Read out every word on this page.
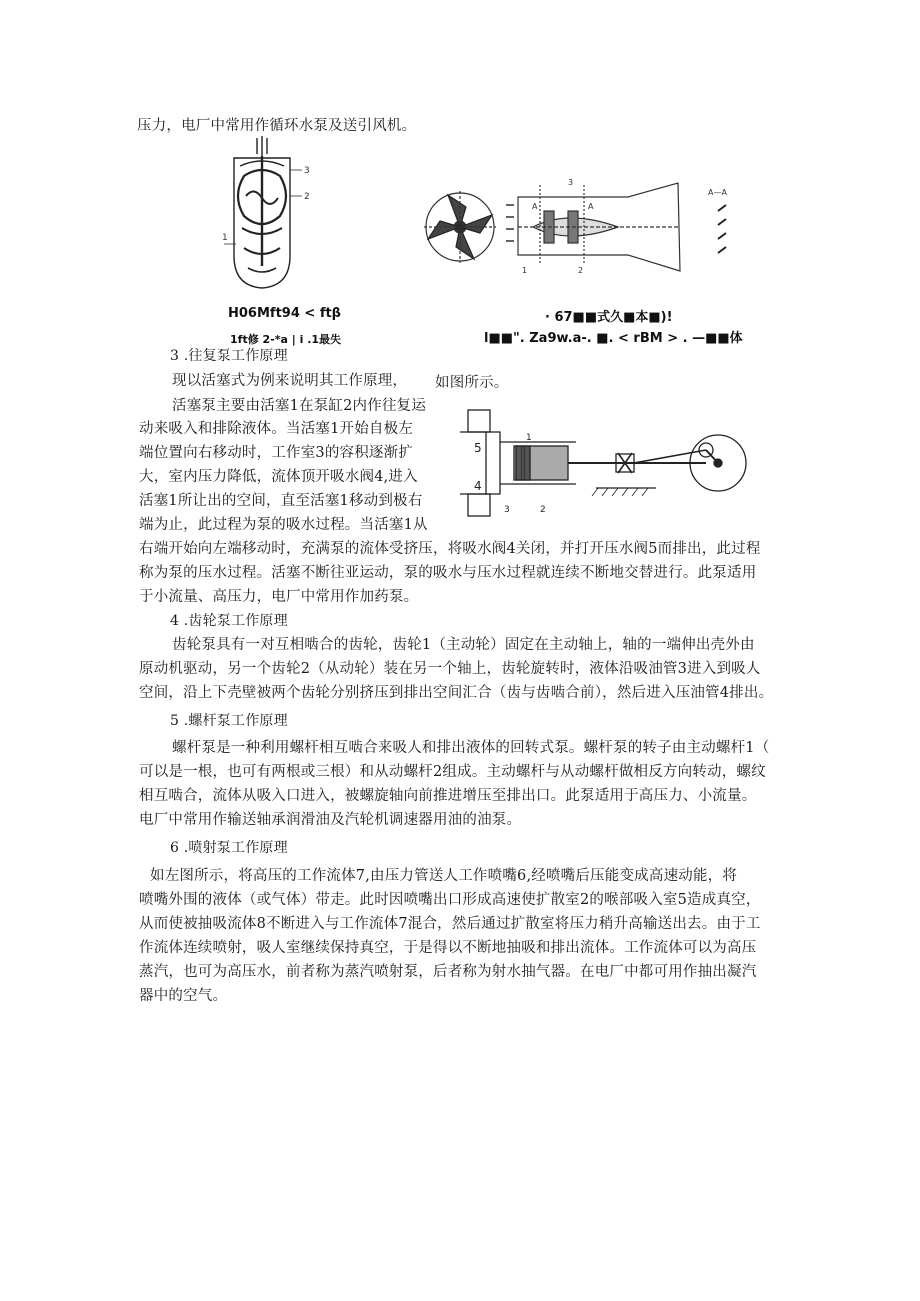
压力，电厂中常用作循环水泵及送引风机。
3
2
1
H06Mft94 < ftβ
1ft修 2-*a | i .1最失
A	A
1	2
3
A—A
· 67■■式久■本■)!
l■■". Za9w.a-. ■. < rBM > . —■■体
3 .往复泵工作原理
现以活塞式为例来说明其工作原理， 如图所示。
活塞泵主要由活塞1在泵缸2内作往复运
动来吸入和排除液体。当活塞1开始自极左
端位置向右移动时，工作室3的容积逐渐扩
大，室内压力降低，流体顶开吸水阀4,进入
活塞1所让出的空间，直至活塞1移动到极右
端为止，此过程为泵的吸水过程。当活塞1从
5
4
1
3	2
右端开始向左端移动时，充满泵的流体受挤压，将吸水阀4关闭，并打开压水阀5而排出，此过程
称为泵的压水过程。活塞不断往亚运动，泵的吸水与压水过程就连续不断地交替进行。此泵适用
于小流量、高压力，电厂中常用作加药泵。
4 .齿轮泵工作原理
齿轮泵具有一对互相啮合的齿轮，齿轮1（主动轮）固定在主动轴上，轴的一端伸出壳外由
原动机驱动，另一个齿轮2（从动轮）装在另一个轴上，齿轮旋转时，液体沿吸油管3进入到吸人
空间，沿上下壳壁被两个齿轮分别挤压到排出空间汇合（齿与齿啮合前），然后进入压油管4排出。
5 .螺杆泵工作原理
螺杆泵是一种利用螺杆相互啮合来吸人和排出液体的回转式泵。螺杆泵的转子由主动螺杆1（
可以是一根，也可有两根或三根）和从动螺杆2组成。主动螺杆与从动螺杆做相反方向转动，螺纹
相互啮合，流体从吸入口进入，被螺旋轴向前推进增压至排出口。此泵适用于高压力、小流量。
电厂中常用作输送轴承润滑油及汽轮机调速器用油的油泵。
6 .喷射泵工作原理
如左图所示，将高压的工作流体7,由压力管送人工作喷嘴6,经喷嘴后压能变成高速动能，将
喷嘴外围的液体（或气体）带走。此时因喷嘴出口形成高速使扩散室2的喉部吸入室5造成真空，
从而使被抽吸流体8不断进入与工作流体7混合，然后通过扩散室将压力稍升高输送出去。由于工
作流体连续喷射，吸人室继续保持真空，于是得以不断地抽吸和排出流体。工作流体可以为高压
蒸汽，也可为高压水，前者称为蒸汽喷射泵，后者称为射水抽气器。在电厂中都可用作抽出凝汽
器中的空气。
